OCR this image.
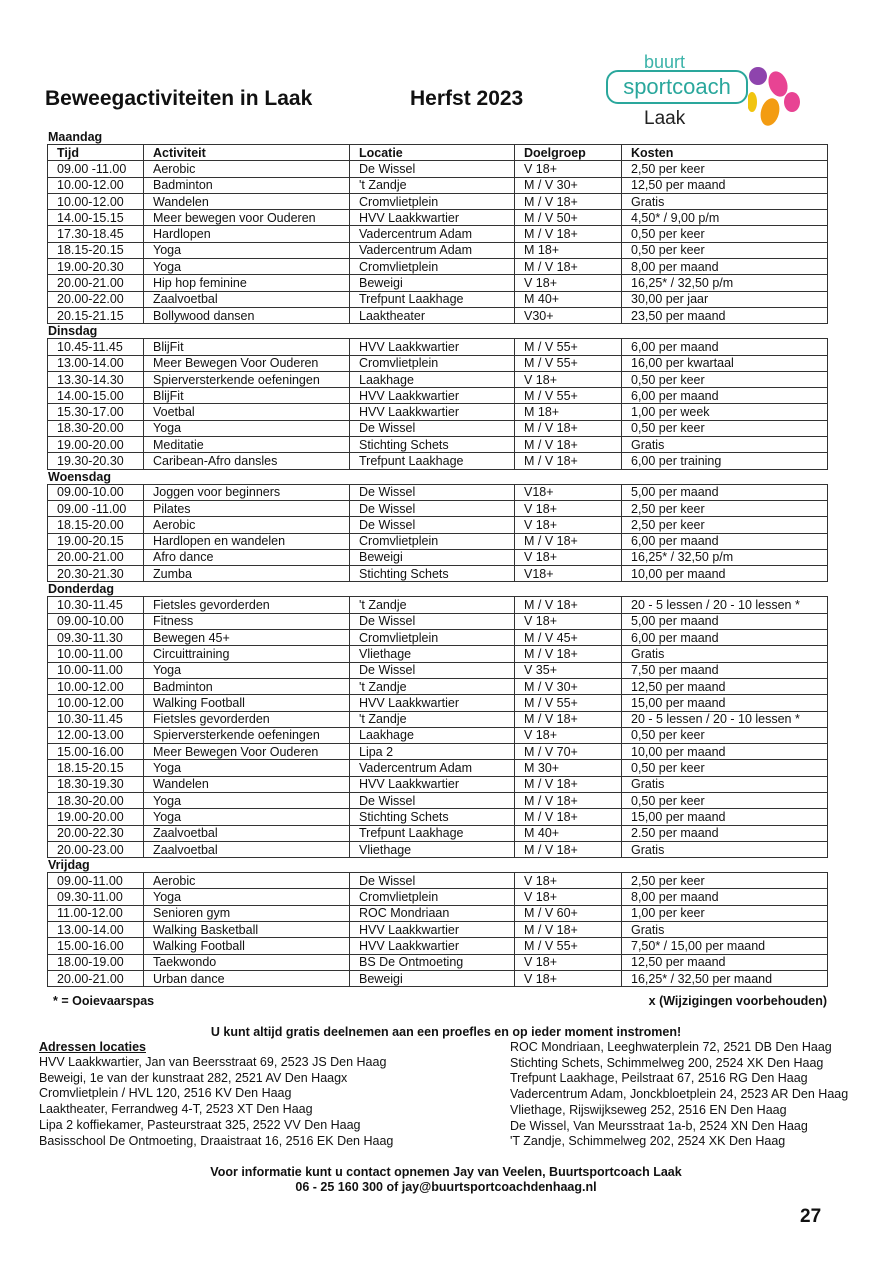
Beweegactiviteiten in Laak	Herfst 2023
buurt
sportcoach
Laak
Maandag
Tijd	Activiteit	Locatie	Doelgroep	Kosten
09.00 -11.00	Aerobic	De Wissel	V 18+	2,50 per keer
10.00-12.00	Badminton	't Zandje	M / V 30+	12,50 per maand
10.00-12.00	Wandelen	Cromvlietplein	M / V 18+	Gratis
14.00-15.15	Meer bewegen voor Ouderen	HVV Laakkwartier	M / V 50+	4,50* / 9,00 p/m
17.30-18.45	Hardlopen	Vadercentrum Adam	M / V 18+	0,50 per keer
18.15-20.15	Yoga	Vadercentrum Adam	M 18+	0,50 per keer
19.00-20.30	Yoga	Cromvlietplein	M / V 18+	8,00 per maand
20.00-21.00	Hip hop feminine	Beweigi	V 18+	16,25* / 32,50 p/m
20.00-22.00	Zaalvoetbal	Trefpunt Laakhage	M 40+	30,00 per jaar
20.15-21.15	Bollywood dansen	Laaktheater	V30+	23,50 per maand
Dinsdag
10.45-11.45	BlijFit	HVV Laakkwartier	M / V 55+	6,00 per maand
13.00-14.00	Meer Bewegen Voor Ouderen	Cromvlietplein	M / V 55+	16,00 per kwartaal
13.30-14.30	Spierversterkende oefeningen	Laakhage	V 18+	0,50 per keer
14.00-15.00	BlijFit	HVV Laakkwartier	M / V 55+	6,00 per maand
15.30-17.00	Voetbal	HVV Laakkwartier	M 18+	1,00 per week
18.30-20.00	Yoga	De Wissel	M / V 18+	0,50 per keer
19.00-20.00	Meditatie	Stichting Schets	M / V 18+	Gratis
19.30-20.30	Caribean-Afro dansles	Trefpunt Laakhage	M / V 18+	6,00 per training
Woensdag
09.00-10.00	Joggen voor beginners	De Wissel	V18+	5,00 per maand
09.00 -11.00	Pilates	De Wissel	V 18+	2,50 per keer
18.15-20.00	Aerobic	De Wissel	V 18+	2,50 per keer
19.00-20.15	Hardlopen en wandelen	Cromvlietplein	M / V 18+	6,00 per maand
20.00-21.00	Afro dance	Beweigi	V 18+	16,25* / 32,50 p/m
20.30-21.30	Zumba	Stichting Schets	V18+	10,00 per maand
Donderdag
10.30-11.45	Fietsles gevorderden	't Zandje	M / V 18+	20 - 5 lessen / 20 - 10 lessen *
09.00-10.00	Fitness	De Wissel	V 18+	5,00 per maand
09.30-11.30	Bewegen 45+	Cromvlietplein	M / V 45+	6,00 per maand
10.00-11.00	Circuittraining	Vliethage	M / V 18+	Gratis
10.00-11.00	Yoga	De Wissel	V 35+	7,50 per maand
10.00-12.00	Badminton	't Zandje	M / V 30+	12,50 per maand
10.00-12.00	Walking Football	HVV Laakkwartier	M / V 55+	15,00 per maand
10.30-11.45	Fietsles gevorderden	't Zandje	M / V 18+	20 - 5 lessen / 20 - 10 lessen *
12.00-13.00	Spierversterkende oefeningen	Laakhage	V 18+	0,50 per keer
15.00-16.00	Meer Bewegen Voor Ouderen	Lipa 2	M / V 70+	10,00 per maand
18.15-20.15	Yoga	Vadercentrum Adam	M 30+	0,50 per keer
18.30-19.30	Wandelen	HVV Laakkwartier	M / V 18+	Gratis
18.30-20.00	Yoga	De Wissel	M / V 18+	0,50 per keer
19.00-20.00	Yoga	Stichting Schets	M / V 18+	15,00 per maand
20.00-22.30	Zaalvoetbal	Trefpunt Laakhage	M 40+	2.50 per maand
20.00-23.00	Zaalvoetbal	Vliethage	M / V 18+	Gratis
Vrijdag
09.00-11.00	Aerobic	De Wissel	V 18+	2,50 per keer
09.30-11.00	Yoga	Cromvlietplein	V 18+	8,00 per maand
11.00-12.00	Senioren gym	ROC Mondriaan	M / V 60+	1,00 per keer
13.00-14.00	Walking Basketball	HVV Laakkwartier	M / V 18+	Gratis
15.00-16.00	Walking Football	HVV Laakkwartier	M / V 55+	7,50* / 15,00 per maand
18.00-19.00	Taekwondo	BS De Ontmoeting	V 18+	12,50 per maand
20.00-21.00	Urban dance	Beweigi	V 18+	16,25* / 32,50 per maand
* = Ooievaarspas	x (Wijzigingen voorbehouden)
U kunt altijd gratis deelnemen aan een proefles en op ieder moment instromen!
Adressen locaties
HVV Laakkwartier, Jan van Beersstraat 69, 2523 JS Den Haag
Beweigi, 1e van der kunstraat 282, 2521 AV Den Haagx
Cromvlietplein / HVL 120, 2516 KV Den Haag
Laaktheater, Ferrandweg 4-T, 2523 XT Den Haag
Lipa 2 koffiekamer, Pasteurstraat 325, 2522 VV Den Haag
Basisschool De Ontmoeting, Draaistraat 16, 2516 EK Den Haag
ROC Mondriaan, Leeghwaterplein 72, 2521 DB Den Haag
Stichting Schets, Schimmelweg 200, 2524 XK Den Haag
Trefpunt Laakhage, Peilstraat 67, 2516 RG Den Haag
Vadercentrum Adam, Jonckbloetplein 24, 2523 AR Den Haag
Vliethage, Rijswijkseweg 252, 2516 EN Den Haag
De Wissel, Van Meursstraat 1a-b, 2524 XN Den Haag
'T Zandje, Schimmelweg 202, 2524 XK Den Haag
Voor informatie kunt u contact opnemen Jay van Veelen, Buurtsportcoach Laak
06 - 25 160 300 of jay@buurtsportcoachdenhaag.nl
27
